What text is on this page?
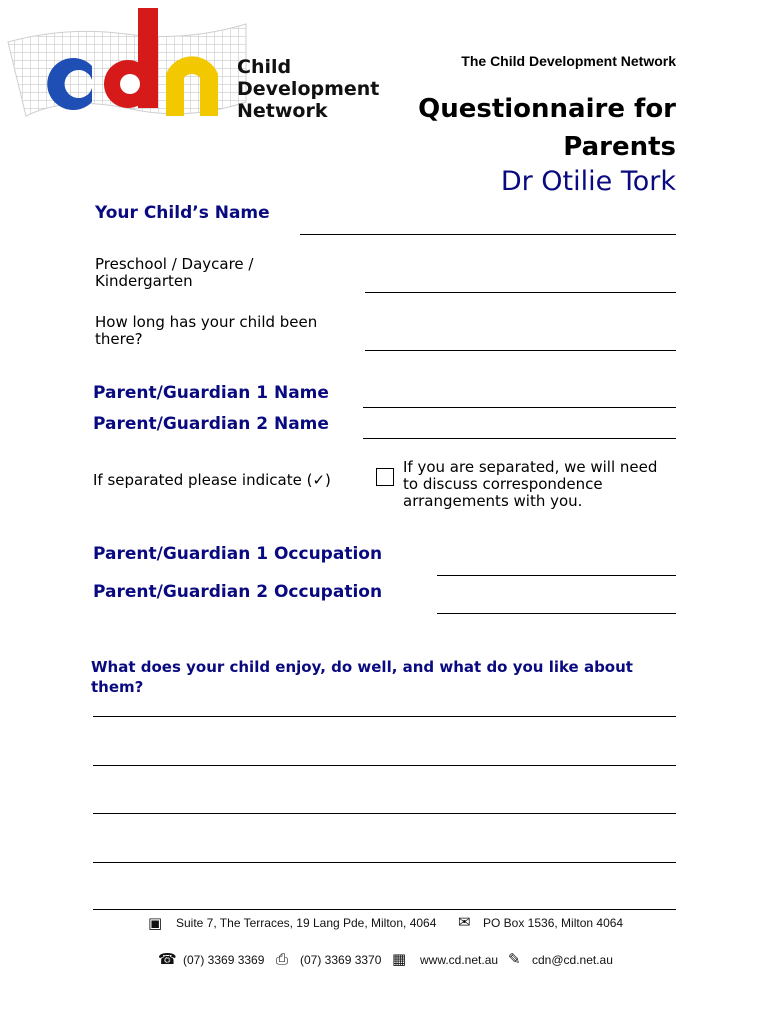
Child
Development
Network
The Child Development Network
Questionnaire for
Parents
Dr Otilie Tork
Your Child’s Name
Preschool / Daycare /
Kindergarten
How long has your child been
there?
Parent/Guardian 1 Name
Parent/Guardian 2 Name
If separated please indicate (✓)
If you are separated, we will need
to discuss correspondence
arrangements with you.
Parent/Guardian 1 Occupation
Parent/Guardian 2 Occupation
What does your child enjoy, do well, and what do you like about
them?
▣ Suite 7, The Terraces, 19 Lang Pde, Milton, 4064 ✉ PO Box 1536, Milton 4064
☎ (07) 3369 3369 ⎙ (07) 3369 3370 ▦ www.cd.net.au ✎ cdn@cd.net.au
